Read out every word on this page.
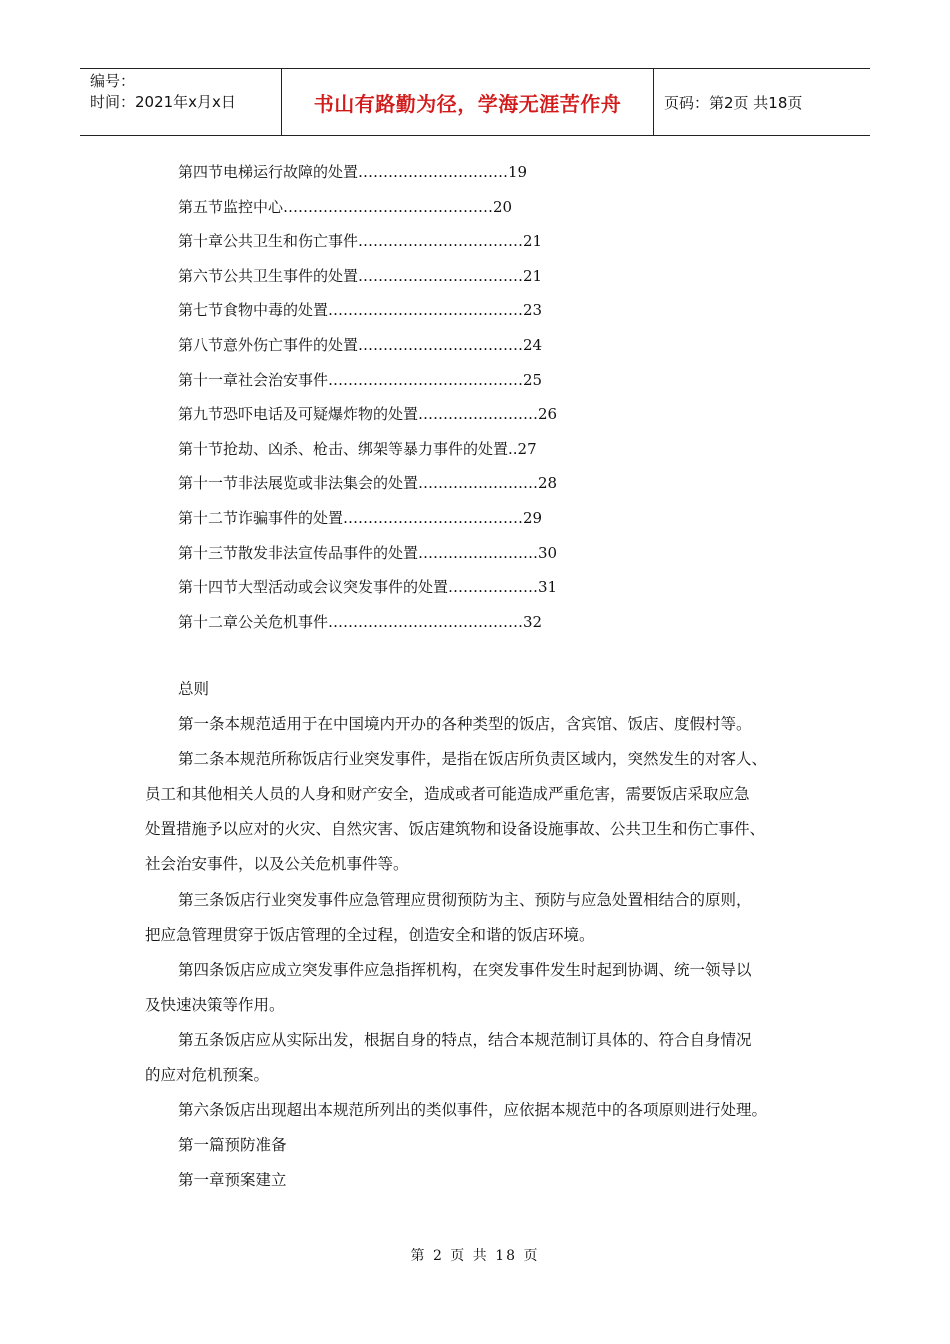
编号：
时间：2021年x月x日	书山有路勤为径，学海无涯苦作舟	页码：第2页 共18页
第四节电梯运行故障的处置…………………………19
第五节监控中心……………………………………20
第十章公共卫生和伤亡事件……………………………21
第六节公共卫生事件的处置……………………………21
第七节食物中毒的处置…………………………………23
第八节意外伤亡事件的处置……………………………24
第十一章社会治安事件…………………………………25
第九节恐吓电话及可疑爆炸物的处置……………………26
第十节抢劫、凶杀、枪击、绑架等暴力事件的处置..27
第十一节非法展览或非法集会的处置……………………28
第十二节诈骗事件的处置………………………………29
第十三节散发非法宣传品事件的处置……………………30
第十四节大型活动或会议突发事件的处置………………31
第十二章公关危机事件…………………………………32
总则
第一条本规范适用于在中国境内开办的各种类型的饭店，含宾馆、饭店、度假村等。
第二条本规范所称饭店行业突发事件，是指在饭店所负责区域内，突然发生的对客人、
员工和其他相关人员的人身和财产安全，造成或者可能造成严重危害，需要饭店采取应急
处置措施予以应对的火灾、自然灾害、饭店建筑物和设备设施事故、公共卫生和伤亡事件、
社会治安事件，以及公关危机事件等。
第三条饭店行业突发事件应急管理应贯彻预防为主、预防与应急处置相结合的原则，
把应急管理贯穿于饭店管理的全过程，创造安全和谐的饭店环境。
第四条饭店应成立突发事件应急指挥机构，在突发事件发生时起到协调、统一领导以
及快速决策等作用。
第五条饭店应从实际出发，根据自身的特点，结合本规范制订具体的、符合自身情况
的应对危机预案。
第六条饭店出现超出本规范所列出的类似事件，应依据本规范中的各项原则进行处理。
第一篇预防准备
第一章预案建立
第 2 页 共 18 页
